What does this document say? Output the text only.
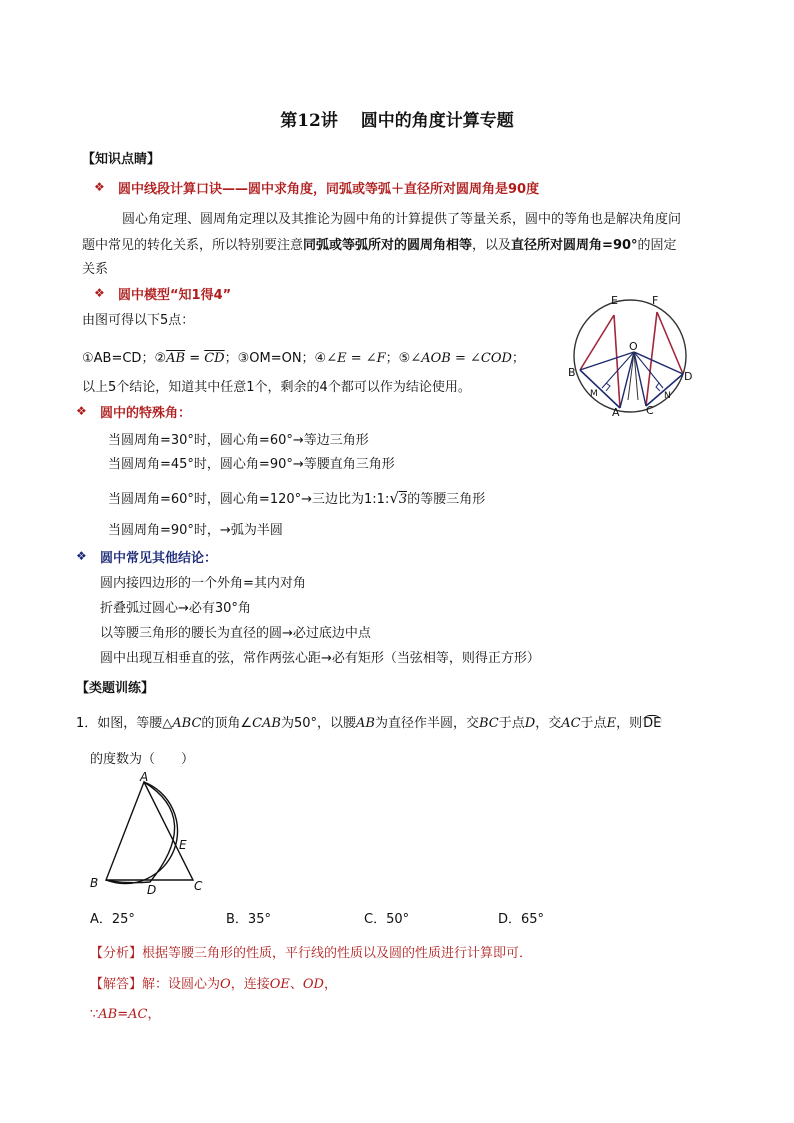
第12讲　 圆中的角度计算专题
【知识点睛】
❖ 圆中线段计算口诀——圆中求角度，同弧或等弧＋直径所对圆周角是90度
圆心角定理、圆周角定理以及其推论为圆中角的计算提供了等量关系，圆中的等角也是解决角度问
题中常见的转化关系，所以特别要注意同弧或等弧所对的圆周角相等，以及直径所对圆周角=90°的固定
关系
❖ 圆中模型“知1得4”
由图可得以下5点：
①AB=CD；$②\overline{AB} = \overline{CD}$；③OM=ON；④∠E = ∠F；⑤∠AOB = ∠COD；
以上5个结论，知道其中任意1个，剩余的4个都可以作为结论使用。
E	F
O
B	D
M	N
A C
❖ 圆中的特殊角：
当圆周角=30°时，圆心角=60°→等边三角形
当圆周角=45°时，圆心角=90°→等腰直角三角形
当圆周角=60°时，圆心角=120°→三边比为1:1:√3的等腰三角形
当圆周角=90°时，→弧为半圆
❖ 圆中常见其他结论：
圆内接四边形的一个外角=其内对角
折叠弧过圆心→必有30°角
以等腰三角形的腰长为直径的圆→必过底边中点
圆中出现互相垂直的弦，常作两弦心距→必有矩形（当弦相等，则得正方形）
【类题训练】
1．如图，等腰△ABC的顶角∠CAB为50°，以腰AB为直径作半圆，交BC于点D，交AC于点E，则DE
的度数为（　　）
A
B	C
D
E
A．25°	B．35°	C．50°	D．65°
【分析】根据等腰三角形的性质，平行线的性质以及圆的性质进行计算即可．
【解答】解：设圆心为O，连接OE、OD，
∵AB=AC，
